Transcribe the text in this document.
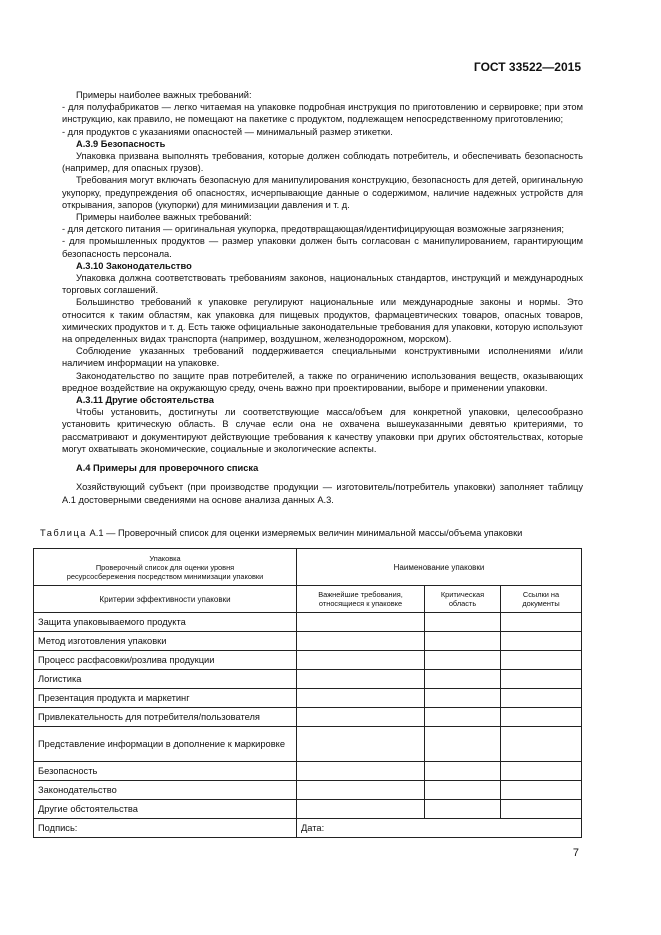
ГОСТ 33522—2015

Примеры наиболее важных требований:

- для полуфабрикатов — легко читаемая на упаковке подробная инструкция по приготовлению и сервировке; при этом инструкцию, как правило, не помещают на пакетике с продуктом, подлежащем непосредственному приготовлению;

- для продуктов с указаниями опасностей — минимальный размер этикетки.

А.3.9 Безопасность

Упаковка призвана выполнять требования, которые должен соблюдать потребитель, и обеспечивать безопасность (например, для опасных грузов).

Требования могут включать безопасную для манипулирования конструкцию, безопасность для детей, оригинальную укупорку, предупреждения об опасностях, исчерпывающие данные о содержимом, наличие надежных устройств для открывания, запоров (укупорки) для минимизации давления и т. д.

Примеры наиболее важных требований:

- для детского питания — оригинальная укупорка, предотвращающая/идентифицирующая возможные загрязнения;

- для промышленных продуктов — размер упаковки должен быть согласован с манипулированием, гарантирующим безопасность персонала.

А.3.10 Законодательство

Упаковка должна соответствовать требованиям законов, национальных стандартов, инструкций и международных торговых соглашений.

Большинство требований к упаковке регулируют национальные или международные законы и нормы. Это относится к таким областям, как упаковка для пищевых продуктов, фармацевтических товаров, опасных товаров, химических продуктов и т. д. Есть также официальные законодательные требования для упаковки, которую используют на определенных видах транспорта (например, воздушном, железнодорожном, морском).

Соблюдение указанных требований поддерживается специальными конструктивными исполнениями и/или наличием информации на упаковке.

Законодательство по защите прав потребителей, а также по ограничению использования веществ, оказывающих вредное воздействие на окружающую среду, очень важно при проектировании, выборе и применении упаковки.

А.3.11 Другие обстоятельства

Чтобы установить, достигнуты ли соответствующие масса/объем для конкретной упаковки, целесообразно установить критическую область. В случае если она не охвачена вышеуказанными девятью критериями, то рассматривают и документируют действующие требования к качеству упаковки при других обстоятельствах, которые могут охватывать экономические, социальные и экологические аспекты.

А.4 Примеры для проверочного списка

Хозяйствующий субъект (при производстве продукции — изготовитель/потребитель упаковки) заполняет таблицу А.1 достоверными сведениями на основе анализа данных А.3.

Таблица А.1 — Проверочный список для оценки измеряемых величин минимальной массы/объема упаковки
Упаковка
Проверочный список для оценки уровня
ресурсосбережения посредством минимизации упаковки	Наименование упаковки		
Критерии эффективности упаковки	Важнейшие требования, относящиеся к упаковке	Критическая область	Ссылки на документы
Защита упаковываемого продукта			
Метод изготовления упаковки			
Процесс расфасовки/розлива продукции			
Логистика			
Презентация продукта и маркетинг			
Привлекательность для потребителя/пользователя			
Представление информации в дополнение к маркировке			
Безопасность			
Законодательство			
Другие обстоятельства			
Подпись:	Дата:		
7
